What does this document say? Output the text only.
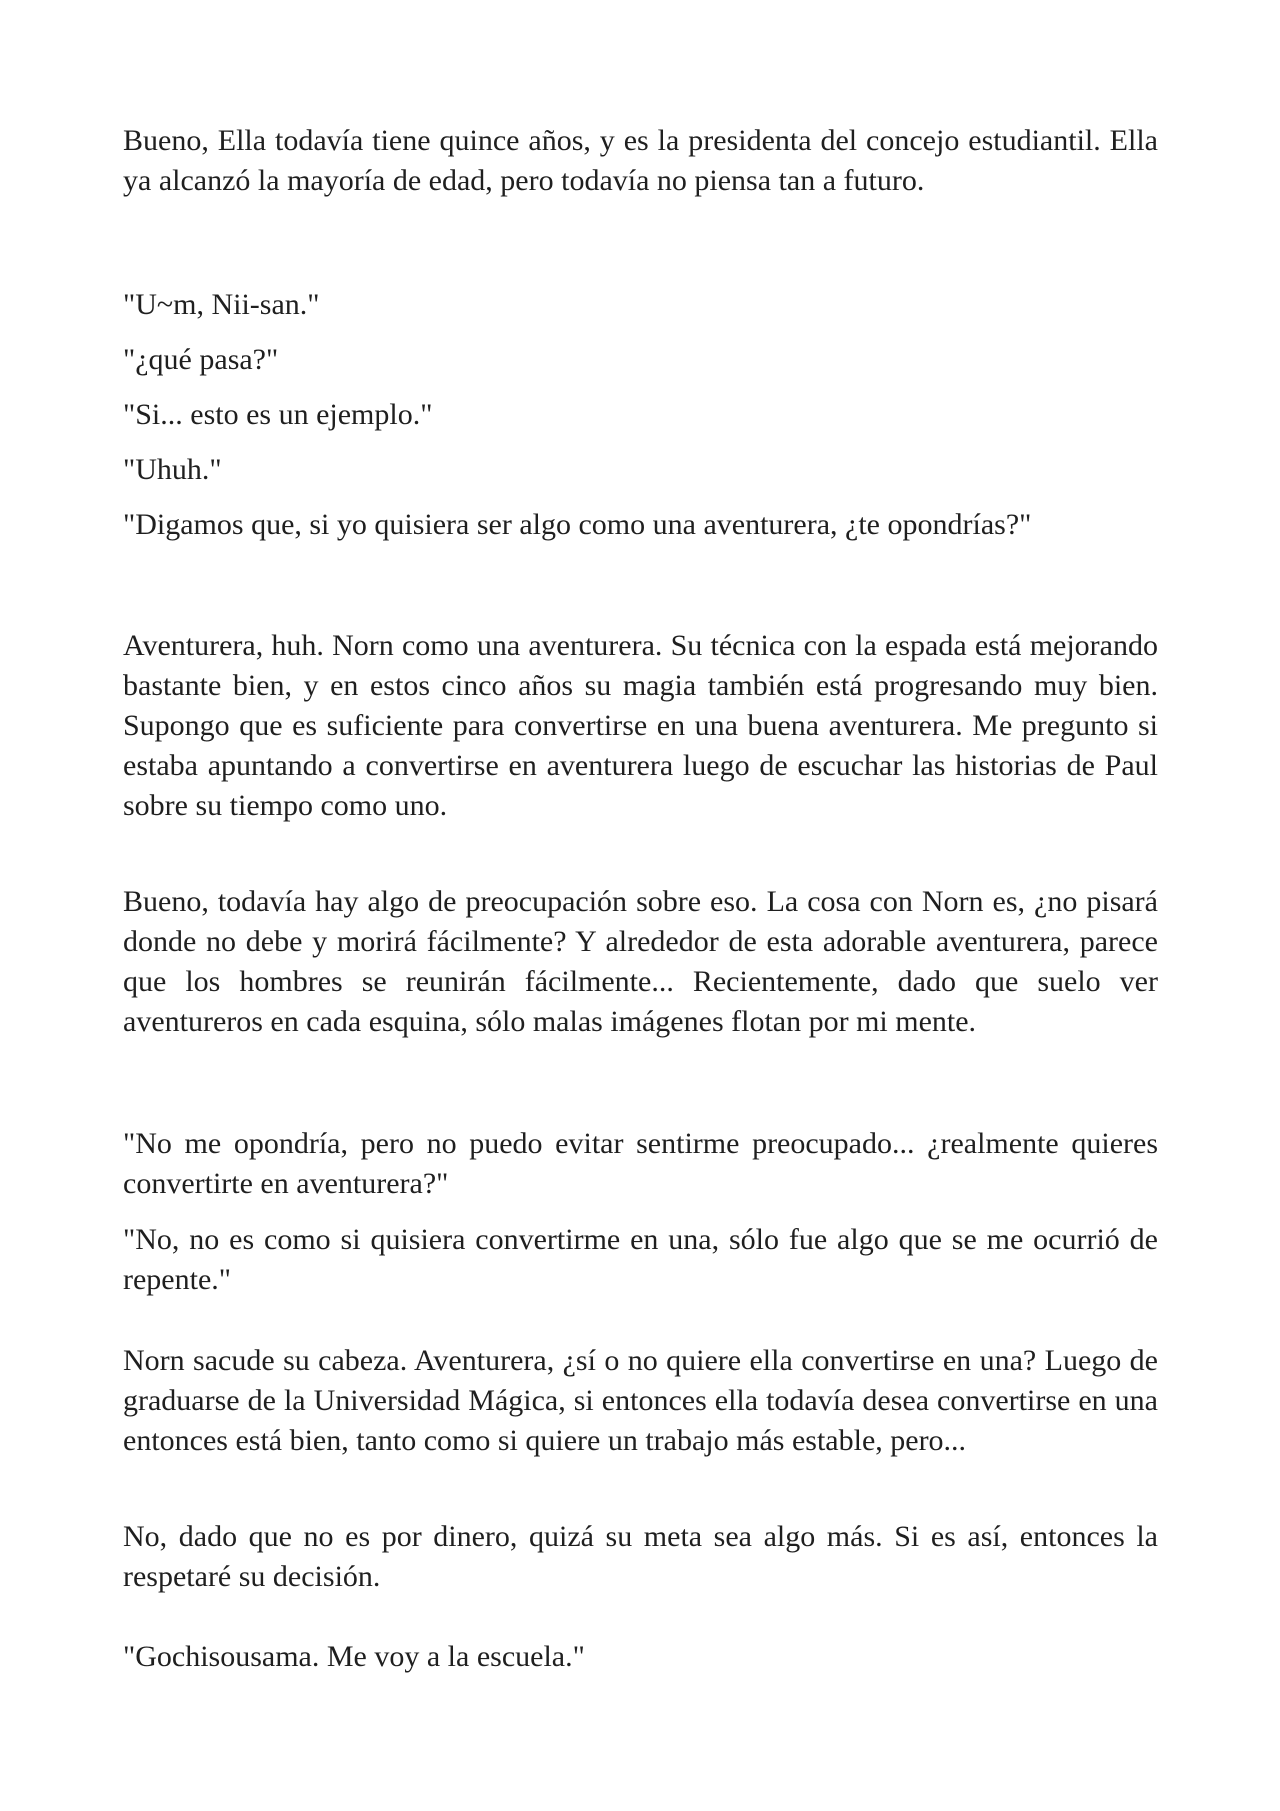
Bueno, Ella todavía tiene quince años, y es la presidenta del concejo estudiantil. Ella ya alcanzó la mayoría de edad, pero todavía no piensa tan a futuro.

"U~m, Nii-san."

"¿qué pasa?"

"Si... esto es un ejemplo."

"Uhuh."

"Digamos que, si yo quisiera ser algo como una aventurera, ¿te opondrías?"

Aventurera, huh. Norn como una aventurera. Su técnica con la espada está mejorando bastante bien, y en estos cinco años su magia también está progresando muy bien. Supongo que es suficiente para convertirse en una buena aventurera. Me pregunto si estaba apuntando a convertirse en aventurera luego de escuchar las historias de Paul sobre su tiempo como uno.

Bueno, todavía hay algo de preocupación sobre eso. La cosa con Norn es, ¿no pisará donde no debe y morirá fácilmente? Y alrededor de esta adorable aventurera, parece que los hombres se reunirán fácilmente... Recientemente, dado que suelo ver aventureros en cada esquina, sólo malas imágenes flotan por mi mente.

"No me opondría, pero no puedo evitar sentirme preocupado... ¿realmente quieres convertirte en aventurera?"

"No, no es como si quisiera convertirme en una, sólo fue algo que se me ocurrió de repente."

Norn sacude su cabeza. Aventurera, ¿sí o no quiere ella convertirse en una? Luego de graduarse de la Universidad Mágica, si entonces ella todavía desea convertirse en una entonces está bien, tanto como si quiere un trabajo más estable, pero...

No, dado que no es por dinero, quizá su meta sea algo más. Si es así, entonces la respetaré su decisión.

"Gochisousama. Me voy a la escuela."
